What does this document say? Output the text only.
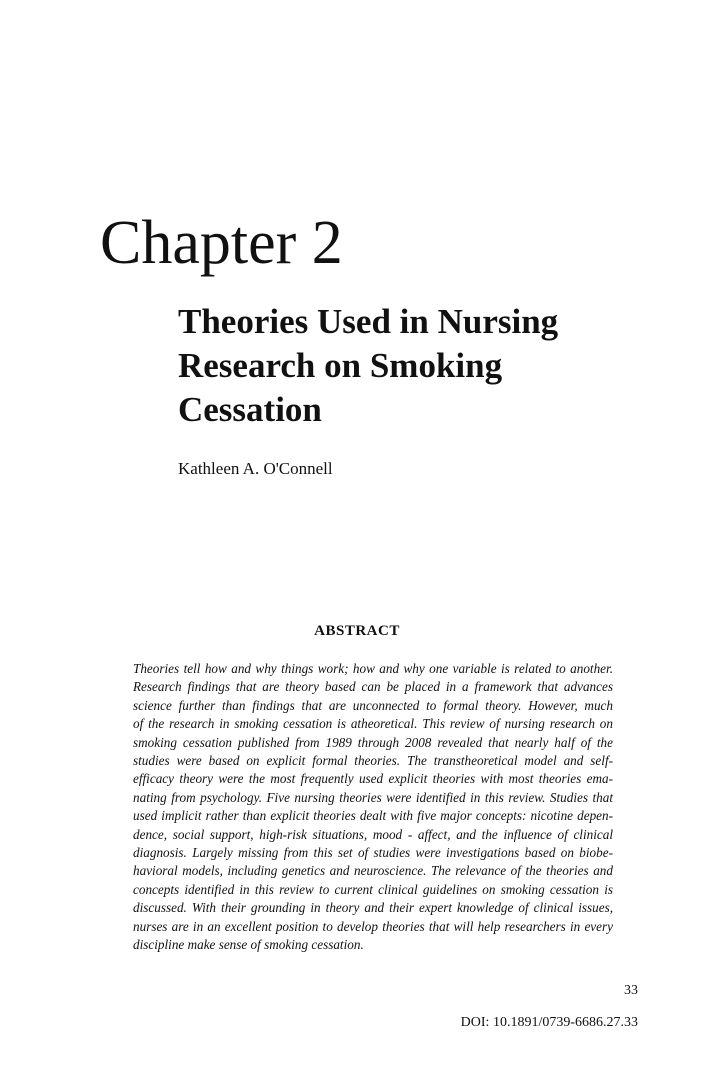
Chapter 2
Theories Used in Nursing
Research on Smoking
Cessation

Kathleen A. O'Connell

ABSTRACT
Theories tell how and why things work; how and why one variable is related to another.
Research findings that are theory based can be placed in a framework that advances
science further than findings that are unconnected to formal theory. However, much
of the research in smoking cessation is atheoretical. This review of nursing research on
smoking cessation published from 1989 through 2008 revealed that nearly half of the
studies were based on explicit formal theories. The transtheoretical model and self-
efficacy theory were the most frequently used explicit theories with most theories ema-
nating from psychology. Five nursing theories were identified in this review. Studies that
used implicit rather than explicit theories dealt with five major concepts: nicotine depen-
dence, social support, high-risk situations, mood - affect, and the influence of clinical
diagnosis. Largely missing from this set of studies were investigations based on biobe-
havioral models, including genetics and neuroscience. The relevance of the theories and
concepts identified in this review to current clinical guidelines on smoking cessation is
discussed. With their grounding in theory and their expert knowledge of clinical issues,
nurses are in an excellent position to develop theories that will help researchers in every
discipline make sense of smoking cessation.

33

DOI: 10.1891/0739-6686.27.33
